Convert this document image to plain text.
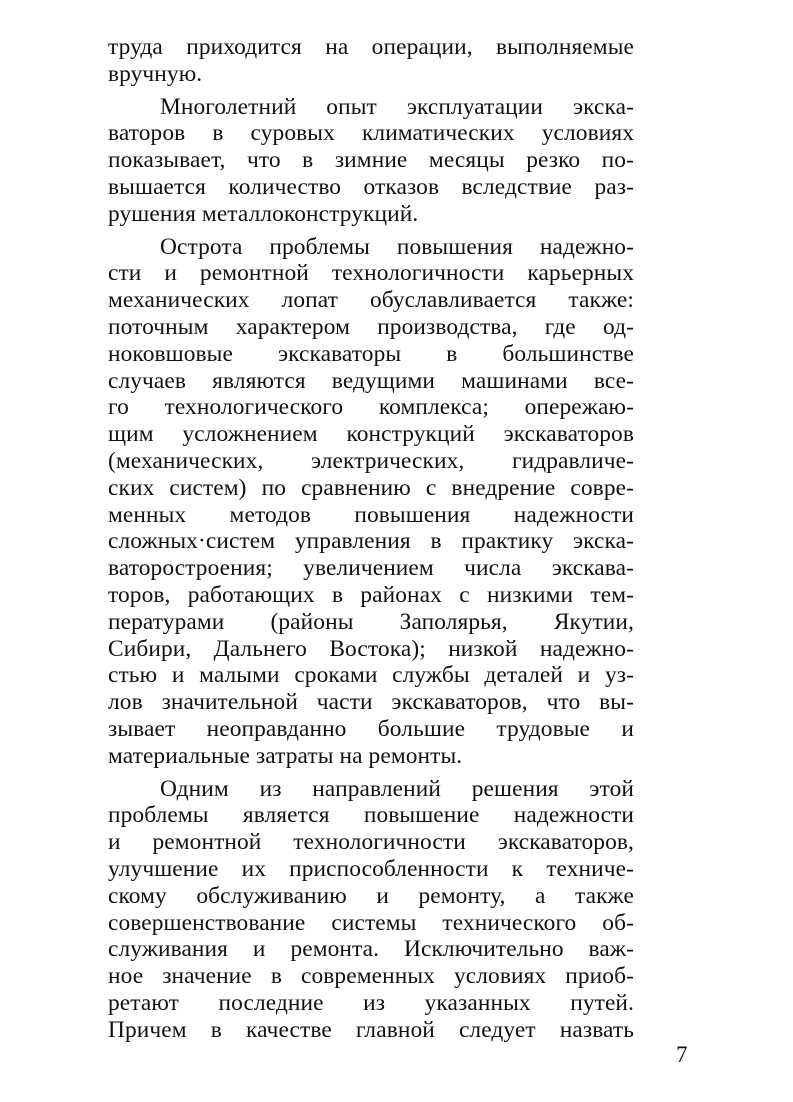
труда приходится на операции, выполняемые
вручную.

Многолетний опыт эксплуатации экска-
ваторов в суровых климатических условиях
показывает, что в зимние месяцы резко по-
вышается количество отказов вследствие раз-
рушения металлоконструкций.

Острота проблемы повышения надежно-
сти и ремонтной технологичности карьерных
механических лопат обуславливается также:
поточным характером производства, где од-
ноковшовые экскаваторы в большинстве
случаев являются ведущими машинами все-
го технологического комплекса; опережаю-
щим усложнением конструкций экскаваторов
(механических, электрических, гидравличе-
ских систем) по сравнению с внедрение совре-
менных методов повышения надежности
сложных·систем управления в практику экска-
ваторостроения; увеличением числа экскава-
торов, работающих в районах с низкими тем-
пературами (районы Заполярья, Якутии,
Сибири, Дальнего Востока); низкой надежно-
стью и малыми сроками службы деталей и уз-
лов значительной части экскаваторов, что вы-
зывает неоправданно большие трудовые и
материальные затраты на ремонты.

Одним из направлений решения этой
проблемы является повышение надежности
и ремонтной технологичности экскаваторов,
улучшение их приспособленности к техниче-
скому обслуживанию и ремонту, а также
совершенствование системы технического об-
служивания и ремонта. Исключительно важ-
ное значение в современных условиях приоб-
ретают последние из указанных путей.
Причем в качестве главной следует назвать

7
